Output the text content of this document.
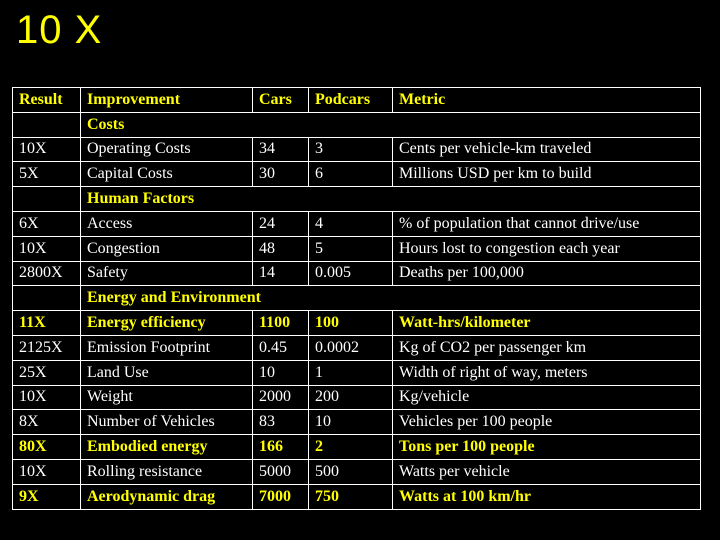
10 X
Result	Improvement	Cars	Podcars	Metric
	Costs			
10X	Operating Costs	34	3	Cents per vehicle-km traveled
5X	Capital Costs	30	6	Millions USD per km to build
	Human Factors			
6X	Access	24	4	% of population that cannot drive/use
10X	Congestion	48	5	Hours lost to congestion each year
2800X	Safety	14	0.005	Deaths per 100,000
	Energy and Environment			
11X	Energy efficiency	1100	100	Watt-hrs/kilometer
2125X	Emission Footprint	0.45	0.0002	Kg of CO2 per passenger km
25X	Land Use	10	1	Width of right of way, meters
10X	Weight	2000	200	Kg/vehicle
8X	Number of Vehicles	83	10	Vehicles per 100 people
80X	Embodied energy	166	2	Tons per 100 people
10X	Rolling resistance	5000	500	Watts per vehicle
9X	Aerodynamic drag	7000	750	Watts at 100 km/hr
